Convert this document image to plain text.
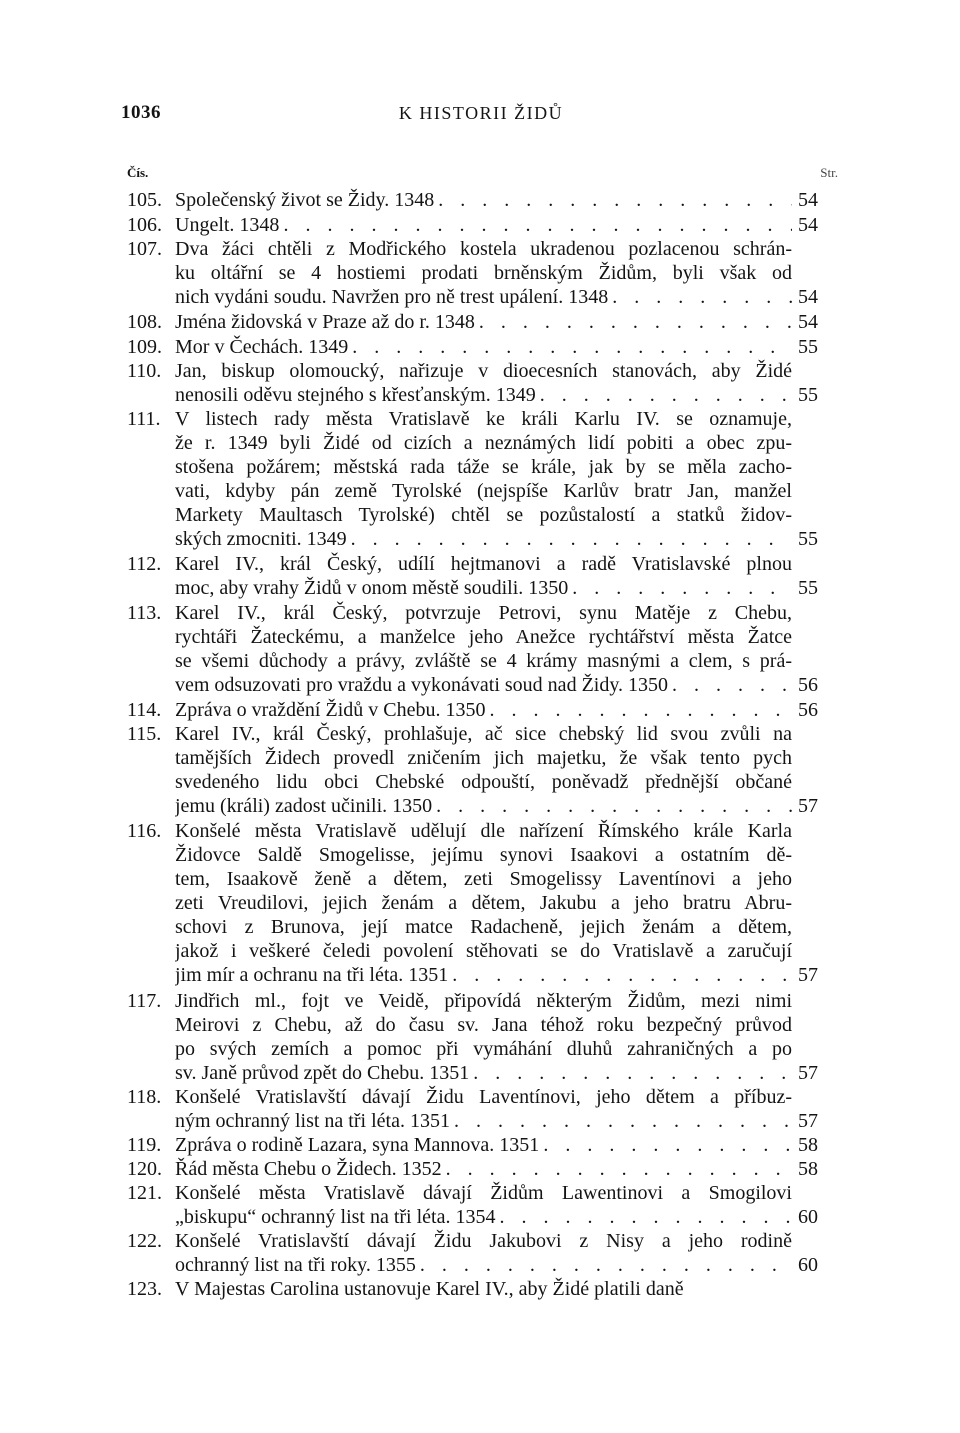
1036	K HISTORII ŽIDŮ
Čís.	Str.
105. Společenský život se Židy. 1348 . . .	54
106. Ungelt. 1348 . . .	54
107. Dva žáci chtěli z Modřického kostela ukradenou pozlacenou schrán-
ku oltářní se 4 hostiemi prodati brněnským Židům, byli však od
nich vydáni soudu. Navržen pro ně trest upálení. 1348 . . .	54
108. Jména židovská v Praze až do r. 1348 . . .	54
109. Mor v Čechách. 1349 . . .	55
110. Jan, biskup olomoucký, nařizuje v dioecesních stanovách, aby Židé
nenosili oděvu stejného s křesťanským. 1349 . . .	55
111. V listech rady města Vratislavě ke králi Karlu IV. se oznamuje,
že r. 1349 byli Židé od cizích a neznámých lidí pobiti a obec zpu-
stošena požárem; městská rada táže se krále, jak by se měla zacho-
vati, kdyby pán země Tyrolské (nejspíše Karlův bratr Jan, manžel
Markety Maultasch Tyrolské) chtěl se pozůstalostí a statků židov-
ských zmocniti. 1349 . . .	55
112. Karel IV., král Český, udílí hejtmanovi a radě Vratislavské plnou
moc, aby vrahy Židů v onom městě soudili. 1350 . . .	55
113. Karel IV., král Český, potvrzuje Petrovi, synu Matěje z Chebu,
rychtáři Žateckému, a manželce jeho Anežce rychtářství města Žatce
se všemi důchody a právy, zvláště se 4 krámy masnými a clem, s prá-
vem odsuzovati pro vraždu a vykonávati soud nad Židy. 1350 . . .	56
114. Zpráva o vraždění Židů v Chebu. 1350 . . .	56
115. Karel IV., král Český, prohlašuje, ač sice chebský lid svou zvůli na
tamějších Židech provedl zničením jich majetku, že však tento pych
svedeného lidu obci Chebské odpouští, poněvadž přednější občané
jemu (králi) zadost učinili. 1350 . . .	57
116. Konšelé města Vratislavě udělují dle nařízení Římského krále Karla
Židovce Saldě Smogelisse, jejímu synovi Isaakovi a ostatním dě-
tem, Isaakově ženě a dětem, zeti Smogelissy Laventínovi a jeho
zeti Vreudilovi, jejich ženám a dětem, Jakubu a jeho bratru Abru-
schovi z Brunova, její matce Radacheně, jejich ženám a dětem,
jakož i veškeré čeledi povolení stěhovati se do Vratislavě a zaručují
jim mír a ochranu na tři léta. 1351 . . .	57
117. Jindřich ml., fojt ve Veidě, připovídá některým Židům, mezi nimi
Meirovi z Chebu, až do času sv. Jana téhož roku bezpečný průvod
po svých zemích a pomoc při vymáhání dluhů zahraničných a po
sv. Janě průvod zpět do Chebu. 1351 . . .	57
118. Konšelé Vratislavští dávají Židu Laventínovi, jeho dětem a příbuz-
ným ochranný list na tři léta. 1351 . . .	57
119. Zpráva o rodině Lazara, syna Mannova. 1351 . . .	58
120. Řád města Chebu o Židech. 1352 . . .	58
121. Konšelé města Vratislavě dávají Židům Lawentinovi a Smogilovi
„biskupu“ ochranný list na tři léta. 1354 . . .	60
122. Konšelé Vratislavští dávají Židu Jakubovi z Nisy a jeho rodině
ochranný list na tři roky. 1355 . . .	60
123. V Majestas Carolina ustanovuje Karel IV., aby Židé platili daně
